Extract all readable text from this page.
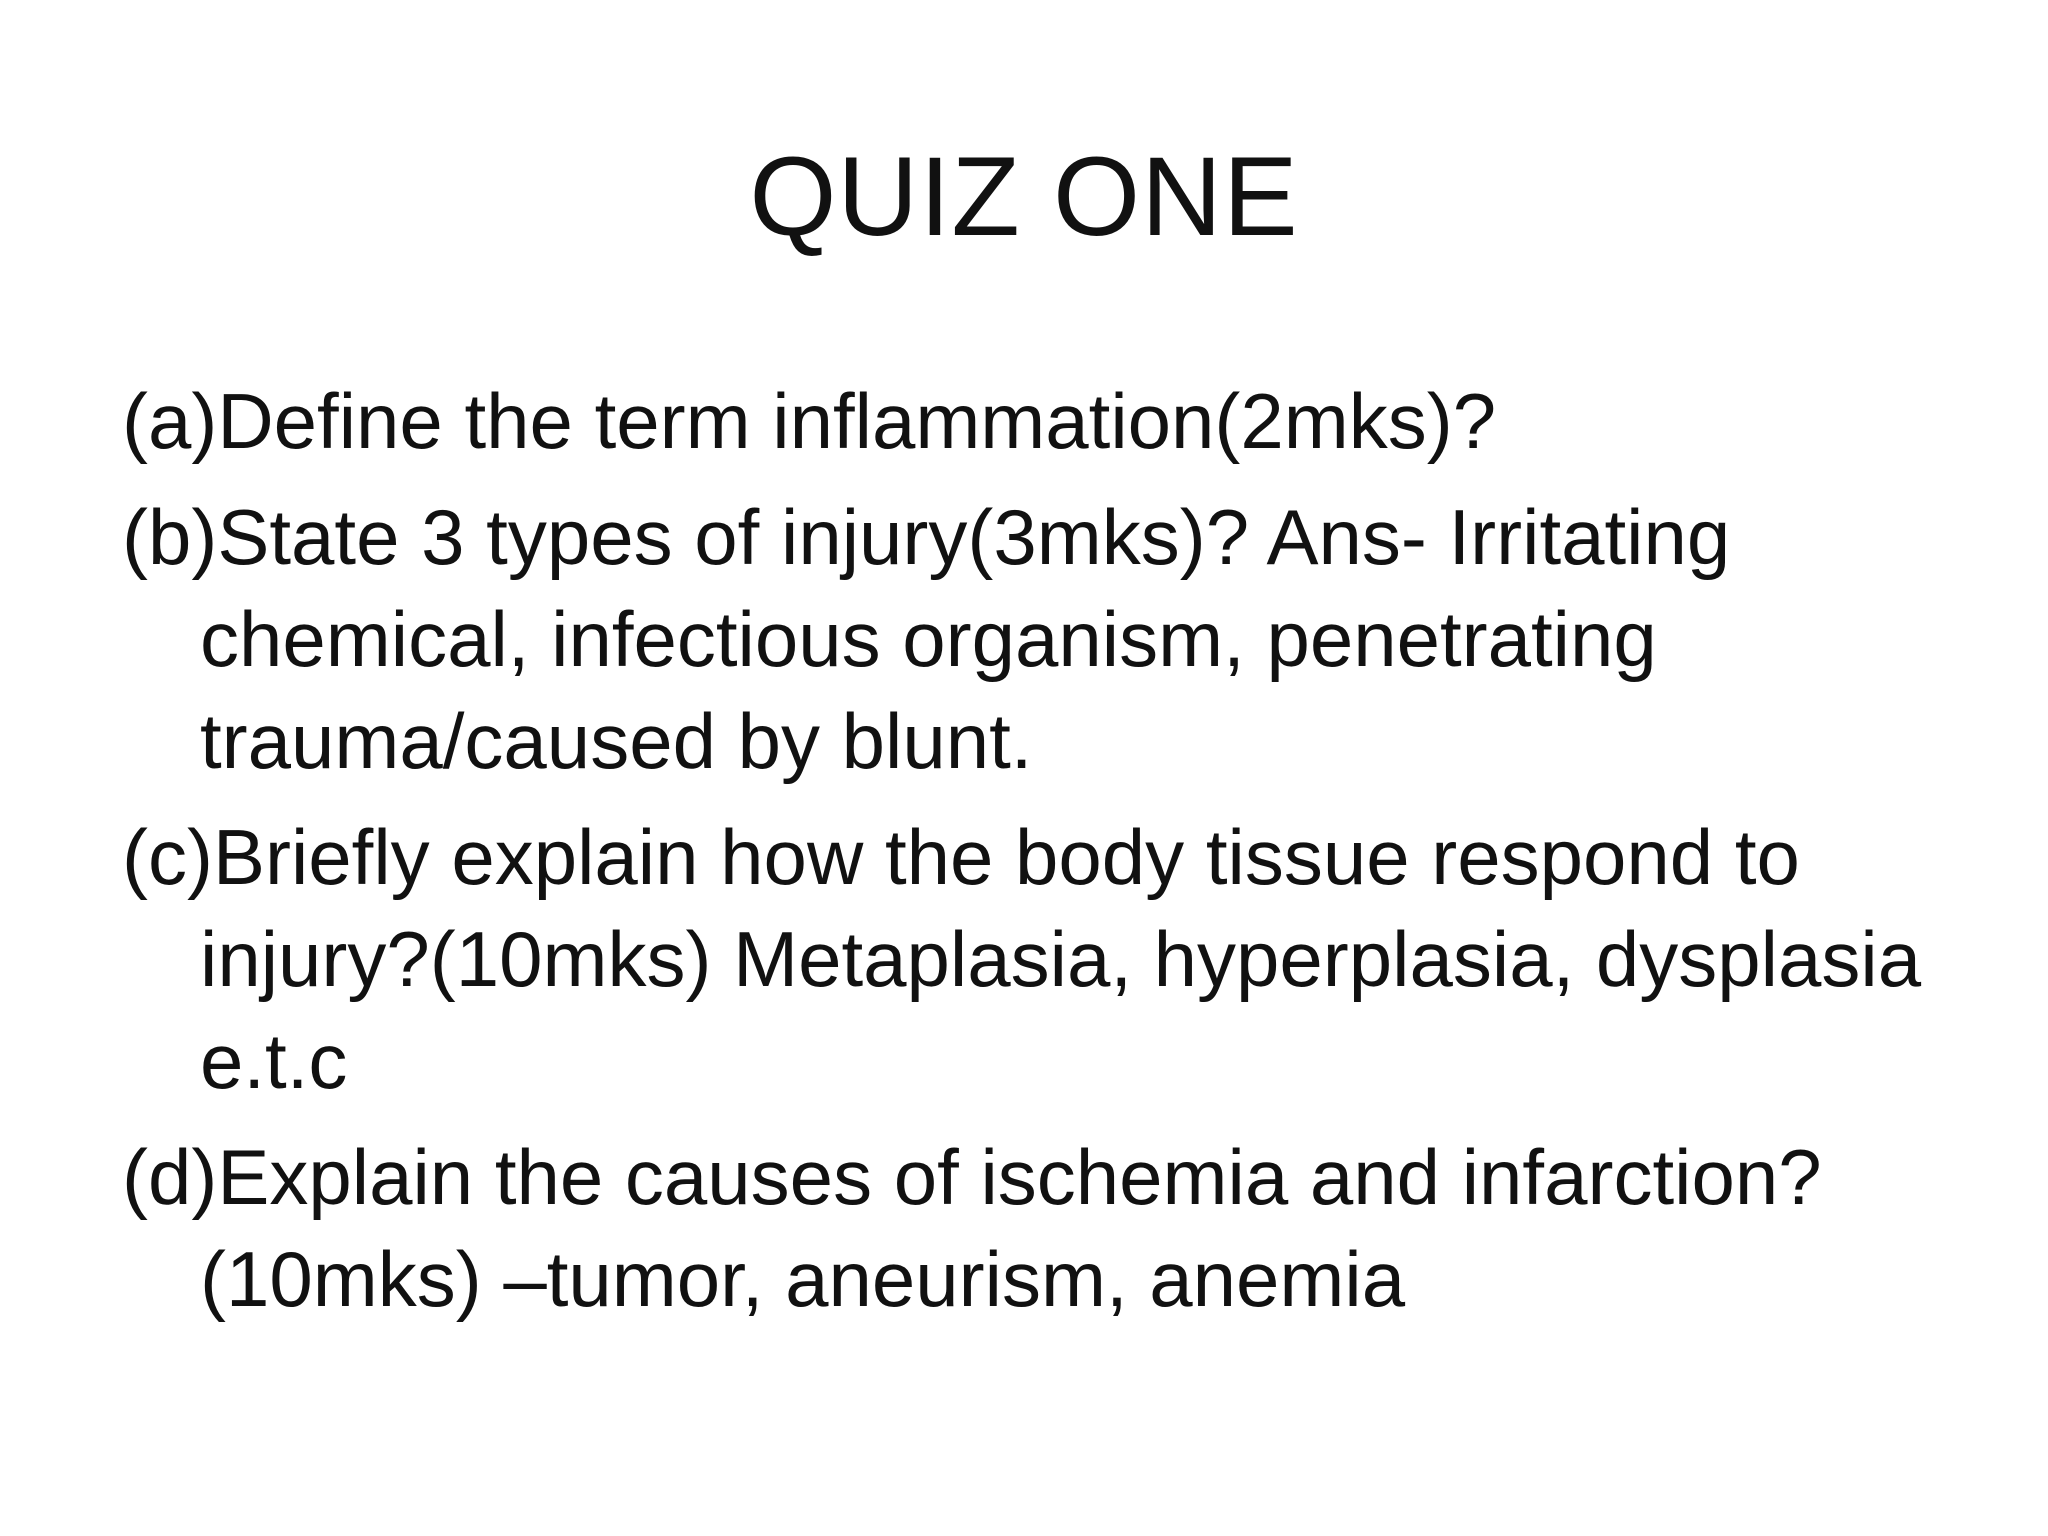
QUIZ ONE

(a)Define the term inflammation(2mks)?

(b)State 3 types of injury(3mks)? Ans- Irritating chemical, infectious organism, penetrating trauma/caused by blunt.

(c)Briefly explain how the body tissue respond to injury?(10mks) Metaplasia, hyperplasia, dysplasia e.t.c

(d)Explain the causes of ischemia and infarction?(10mks) –tumor, aneurism, anemia
